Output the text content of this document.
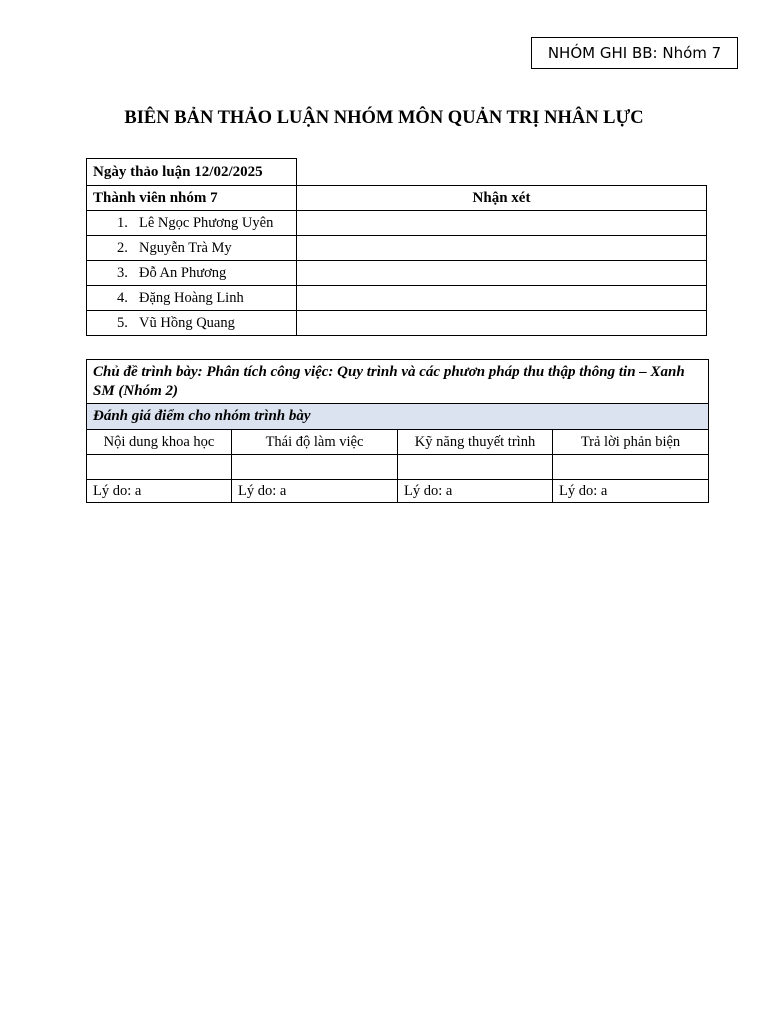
NHÓM GHI BB: Nhóm 7
BIÊN BẢN THẢO LUẬN NHÓM MÔN QUẢN TRỊ NHÂN LỰC
Ngày thảo luận 12/02/2025	
Thành viên nhóm 7	Nhận xét
1. Lê Ngọc Phương Uyên	
2. Nguyễn Trà My	
3. Đỗ An Phương	
4. Đặng Hoàng Linh	
5. Vũ Hồng Quang	
Chủ đề trình bày: Phân tích công việc: Quy trình và các phươn pháp thu thập thông tin – Xanh SM (Nhóm 2)			
Đánh giá điểm cho nhóm trình bày			
Nội dung khoa học	Thái độ làm việc	Kỹ năng thuyết trình	Trả lời phản biện

Lý do: a	Lý do: a	Lý do: a	Lý do: a
